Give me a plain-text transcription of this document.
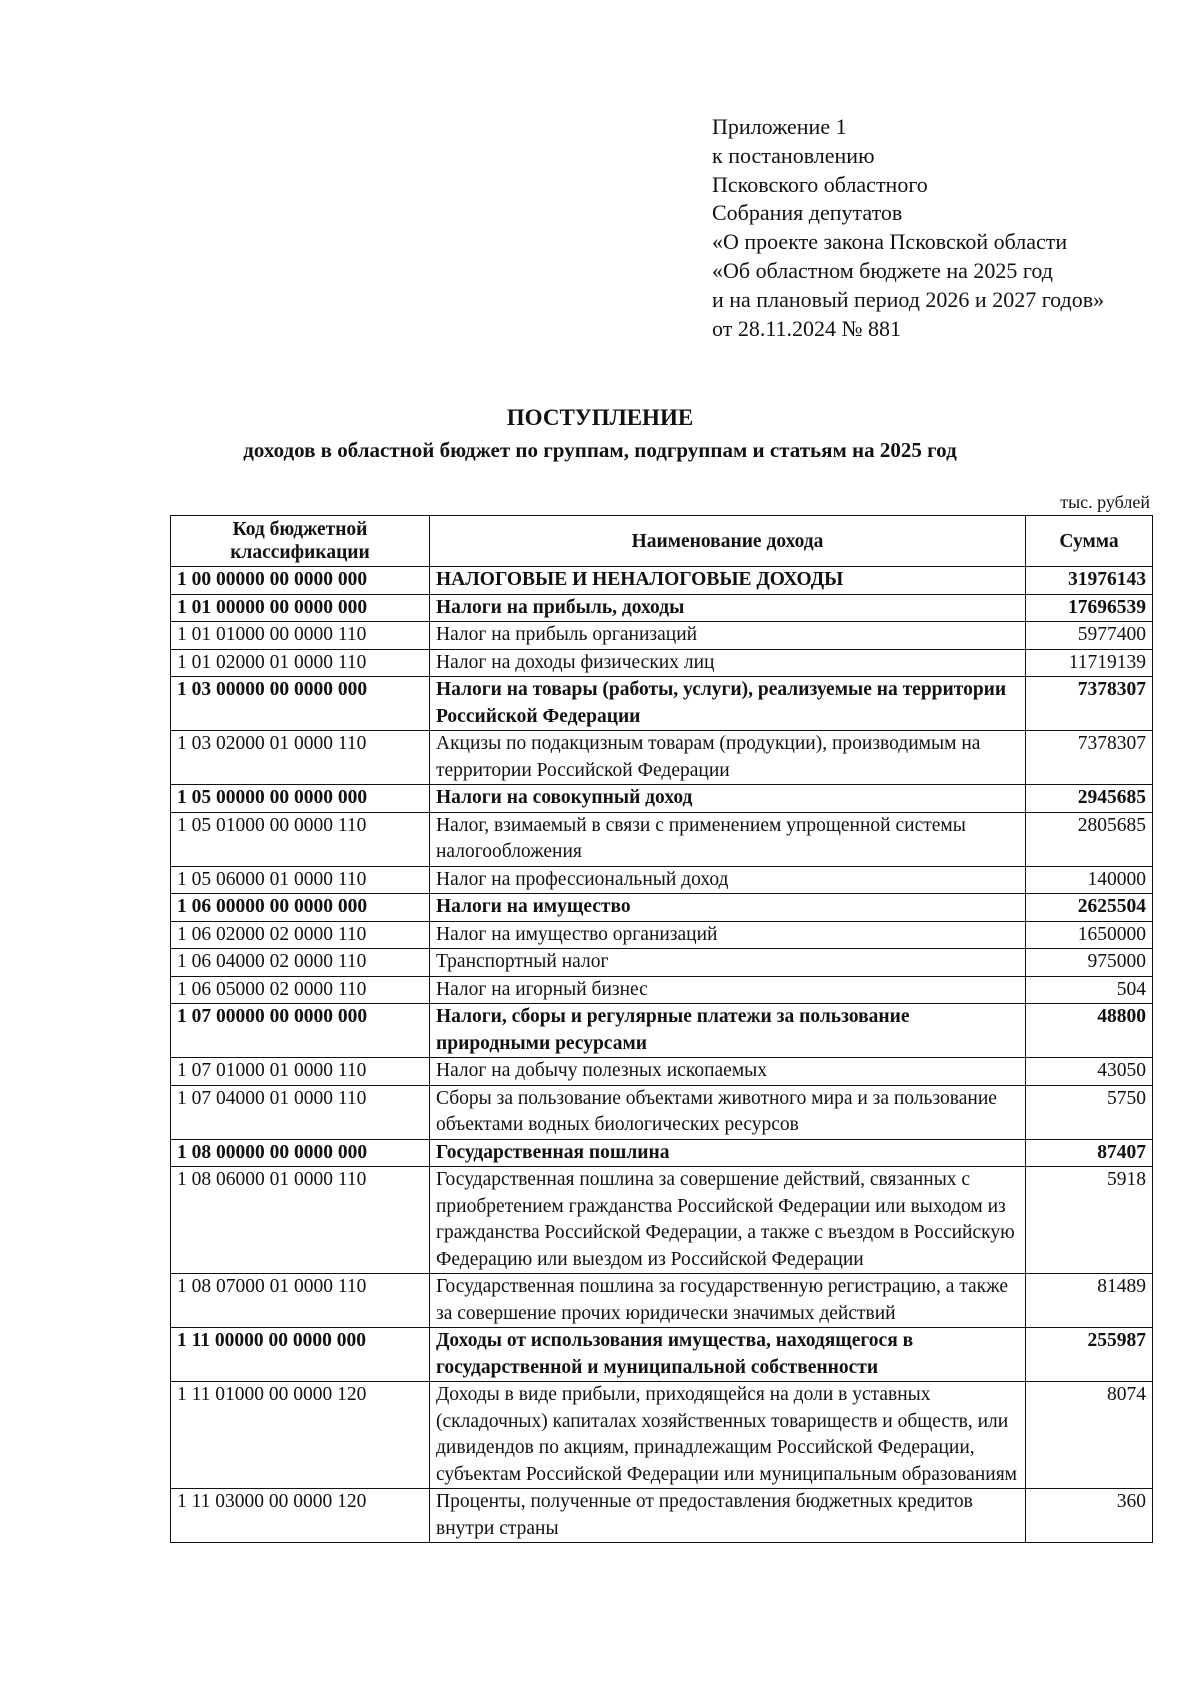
Приложение 1
к постановлению
Псковского областного
Собрания депутатов
«О проекте закона Псковской области
«Об областном бюджете на 2025 год
и на плановый период 2026 и 2027 годов»
от 28.11.2024 № 881
ПОСТУПЛЕНИЕ
доходов в областной бюджет по группам, подгруппам и статьям на 2025 год
тыс. рублей
Код бюджетной классификации	Наименование дохода	Сумма
1 00 00000 00 0000 000	НАЛОГОВЫЕ И НЕНАЛОГОВЫЕ ДОХОДЫ	31976143
1 01 00000 00 0000 000	Налоги на прибыль, доходы	17696539
1 01 01000 00 0000 110	Налог на прибыль организаций	5977400
1 01 02000 01 0000 110	Налог на доходы физических лиц	11719139
1 03 00000 00 0000 000	Налоги на товары (работы, услуги), реализуемые на территории Российской Федерации	7378307
1 03 02000 01 0000 110	Акцизы по подакцизным товарам (продукции), производимым на территории Российской Федерации	7378307
1 05 00000 00 0000 000	Налоги на совокупный доход	2945685
1 05 01000 00 0000 110	Налог, взимаемый в связи с применением упрощенной системы налогообложения	2805685
1 05 06000 01 0000 110	Налог на профессиональный доход	140000
1 06 00000 00 0000 000	Налоги на имущество	2625504
1 06 02000 02 0000 110	Налог на имущество организаций	1650000
1 06 04000 02 0000 110	Транспортный налог	975000
1 06 05000 02 0000 110	Налог на игорный бизнес	504
1 07 00000 00 0000 000	Налоги, сборы и регулярные платежи за пользование природными ресурсами	48800
1 07 01000 01 0000 110	Налог на добычу полезных ископаемых	43050
1 07 04000 01 0000 110	Сборы за пользование объектами животного мира и за пользование объектами водных биологических ресурсов	5750
1 08 00000 00 0000 000	Государственная пошлина	87407
1 08 06000 01 0000 110	Государственная пошлина за совершение действий, связанных с приобретением гражданства Российской Федерации или выходом из гражданства Российской Федерации, а также с въездом в Российскую Федерацию или выездом из Российской Федерации	5918
1 08 07000 01 0000 110	Государственная пошлина за государственную регистрацию, а также за совершение прочих юридически значимых действий	81489
1 11 00000 00 0000 000	Доходы от использования имущества, находящегося в государственной и муниципальной собственности	255987
1 11 01000 00 0000 120	Доходы в виде прибыли, приходящейся на доли в уставных (складочных) капиталах хозяйственных товариществ и обществ, или дивидендов по акциям, принадлежащим Российской Федерации, субъектам Российской Федерации или муниципальным образованиям	8074
1 11 03000 00 0000 120	Проценты, полученные от предоставления бюджетных кредитов внутри страны	360
